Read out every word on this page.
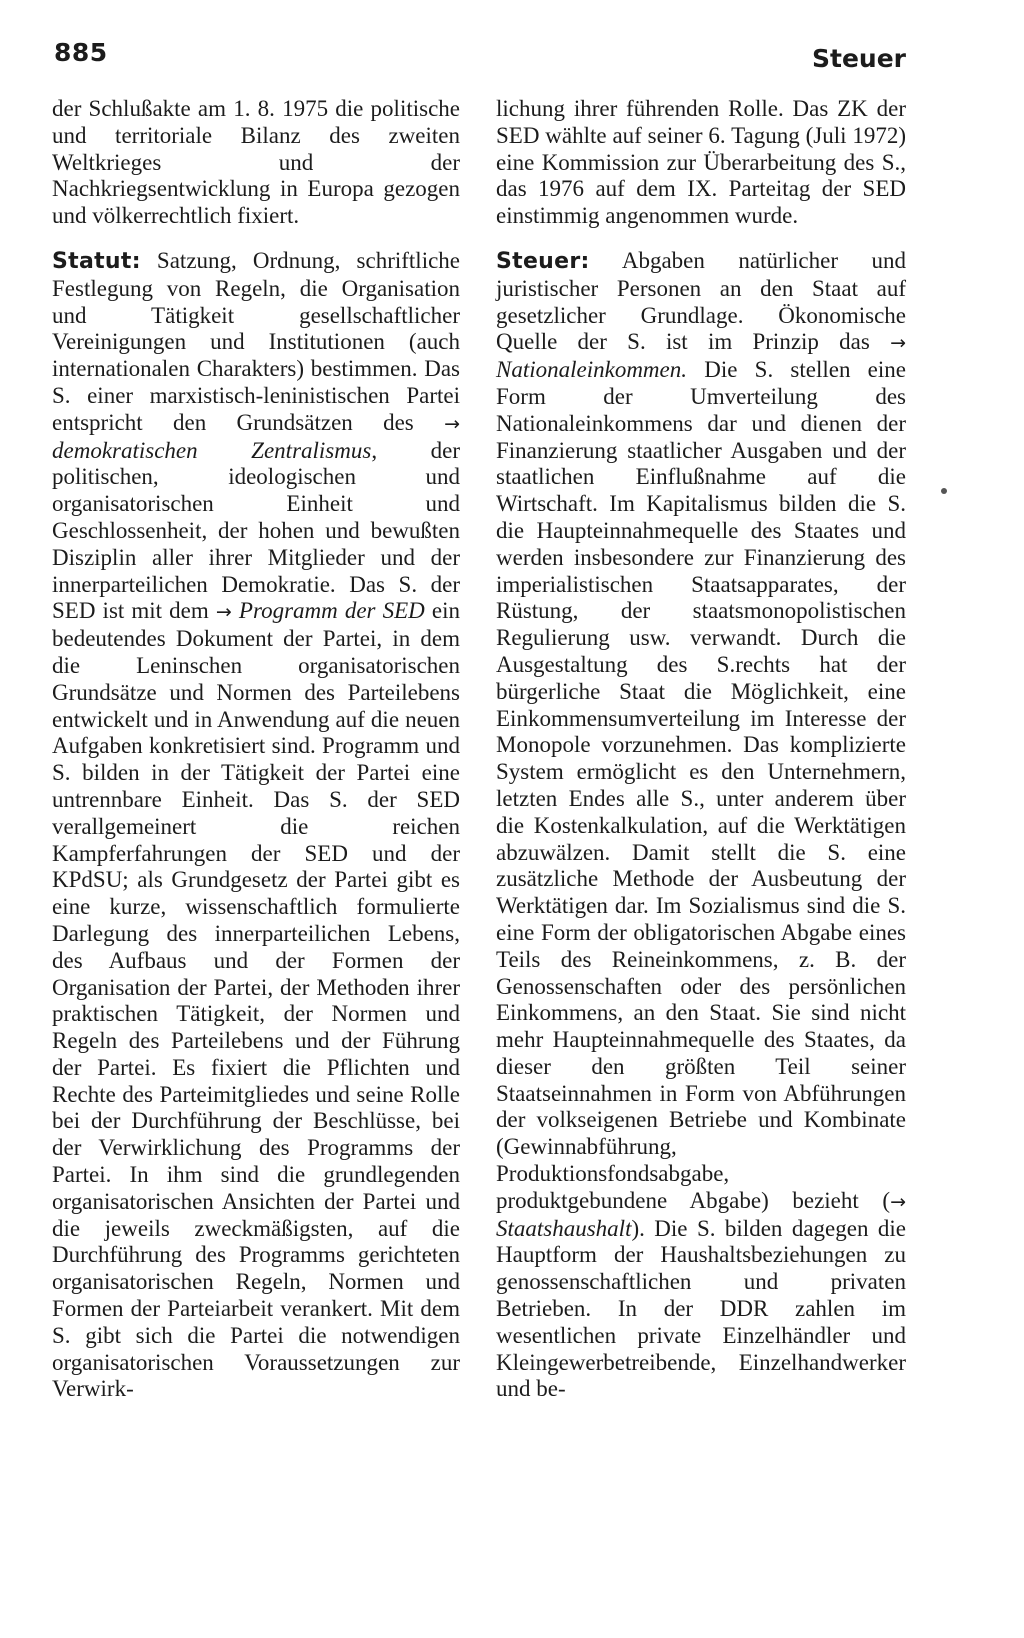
885	Steuer

der Schlußakte am 1. 8. 1975 die politische und territoriale Bilanz des zweiten Weltkrieges und der Nachkriegsentwicklung in Europa gezogen und völkerrechtlich fixiert.

Statut: Satzung, Ordnung, schriftliche Festlegung von Regeln, die Organisation und Tätigkeit gesellschaftlicher Vereinigungen und Institutionen (auch internationalen Charakters) bestimmen. Das S. einer marxistisch-leninistischen Partei entspricht den Grundsätzen des → demokratischen Zentralismus, der politischen, ideologischen und organisatorischen Einheit und Geschlossenheit, der hohen und bewußten Disziplin aller ihrer Mitglieder und der innerparteilichen Demokratie. Das S. der SED ist mit dem → Programm der SED ein bedeutendes Dokument der Partei, in dem die Leninschen organisatorischen Grundsätze und Normen des Parteilebens entwickelt und in Anwendung auf die neuen Aufgaben konkretisiert sind. Programm und S. bilden in der Tätigkeit der Partei eine untrennbare Einheit. Das S. der SED verallgemeinert die reichen Kampferfahrungen der SED und der KPdSU; als Grundgesetz der Partei gibt es eine kurze, wissenschaftlich formulierte Darlegung des innerparteilichen Lebens, des Aufbaus und der Formen der Organisation der Partei, der Methoden ihrer praktischen Tätigkeit, der Normen und Regeln des Parteilebens und der Führung der Partei. Es fixiert die Pflichten und Rechte des Parteimitgliedes und seine Rolle bei der Durchführung der Beschlüsse, bei der Verwirklichung des Programms der Partei. In ihm sind die grundlegenden organisatorischen Ansichten der Partei und die jeweils zweckmäßigsten, auf die Durchführung des Programms gerichteten organisatorischen Regeln, Normen und Formen der Parteiarbeit verankert. Mit dem S. gibt sich die Partei die notwendigen organisatorischen Voraussetzungen zur Verwirk-

lichung ihrer führenden Rolle. Das ZK der SED wählte auf seiner 6. Tagung (Juli 1972) eine Kommission zur Überarbeitung des S., das 1976 auf dem IX. Parteitag der SED einstimmig angenommen wurde.

Steuer: Abgaben natürlicher und juristischer Personen an den Staat auf gesetzlicher Grundlage. Ökonomische Quelle der S. ist im Prinzip das → Nationaleinkommen. Die S. stellen eine Form der Umverteilung des Nationaleinkommens dar und dienen der Finanzierung staatlicher Ausgaben und der staatlichen Einflußnahme auf die Wirtschaft. Im Kapitalismus bilden die S. die Haupteinnahmequelle des Staates und werden insbesondere zur Finanzierung des imperialistischen Staatsapparates, der Rüstung, der staatsmonopolistischen Regulierung usw. verwandt. Durch die Ausgestaltung des S.rechts hat der bürgerliche Staat die Möglichkeit, eine Einkommensumverteilung im Interesse der Monopole vorzunehmen. Das komplizierte System ermöglicht es den Unternehmern, letzten Endes alle S., unter anderem über die Kostenkalkulation, auf die Werktätigen abzuwälzen. Damit stellt die S. eine zusätzliche Methode der Ausbeutung der Werktätigen dar. Im Sozialismus sind die S. eine Form der obligatorischen Abgabe eines Teils des Reineinkommens, z. B. der Genossenschaften oder des persönlichen Einkommens, an den Staat. Sie sind nicht mehr Haupteinnahmequelle des Staates, da dieser den größten Teil seiner Staatseinnahmen in Form von Abführungen der volkseigenen Betriebe und Kombinate (Gewinnabführung, Produktionsfondsabgabe, produktgebundene Abgabe) bezieht (→ Staatshaushalt). Die S. bilden dagegen die Hauptform der Haushaltsbeziehungen zu genossenschaftlichen und privaten Betrieben. In der DDR zahlen im wesentlichen private Einzelhändler und Kleingewerbetreibende, Einzelhandwerker und be-
